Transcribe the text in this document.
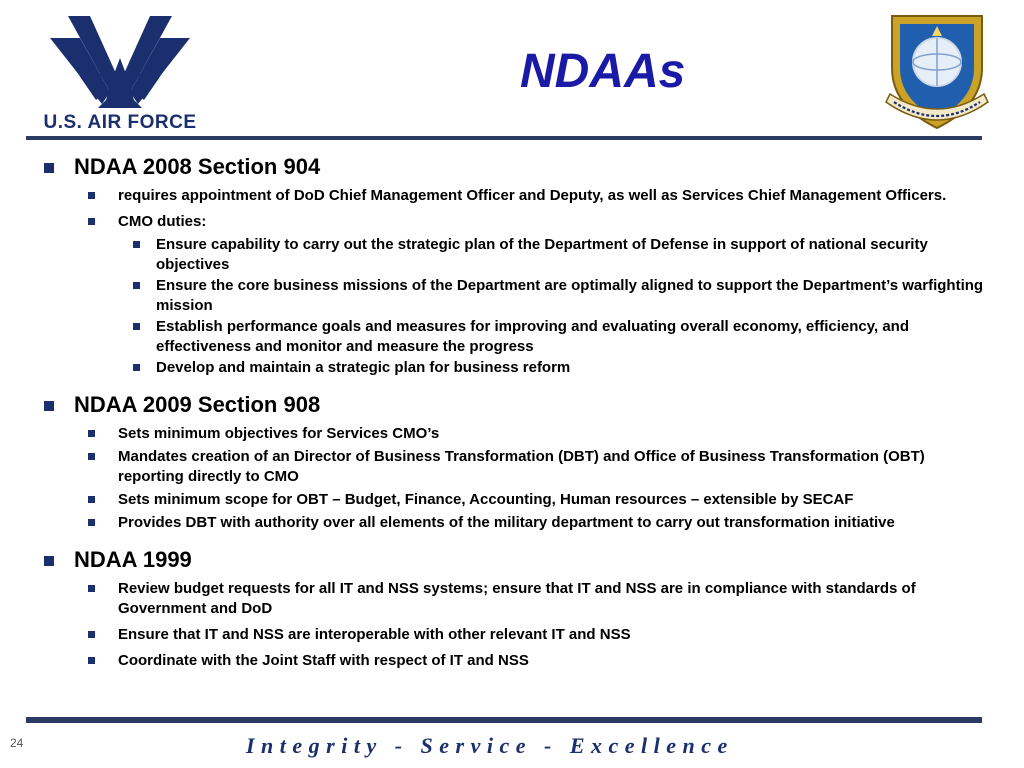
U.S. AIR FORCE
NDAAs
NDAA 2008 Section 904
requires appointment of DoD Chief Management Officer and Deputy, as well as Services Chief Management Officers.
CMO duties:
Ensure capability to carry out the strategic plan of the Department of Defense in support of national security objectives
Ensure the core business missions of the Department are optimally aligned to support the Department’s warfighting mission
Establish performance goals and measures for improving and evaluating overall economy, efficiency, and effectiveness and monitor and measure the progress
Develop and maintain a strategic plan for business reform
NDAA 2009 Section 908
Sets minimum objectives for Services CMO’s
Mandates creation of an Director of Business Transformation (DBT) and Office of Business Transformation (OBT) reporting directly to CMO
Sets minimum scope for OBT – Budget, Finance, Accounting, Human resources – extensible by SECAF
Provides DBT with authority over all elements of the military department to carry out transformation initiative
NDAA 1999
Review budget requests for all IT and NSS systems; ensure that IT and NSS are in compliance with standards of Government and DoD
Ensure that IT and NSS are interoperable with other relevant IT and NSS
Coordinate with the Joint Staff with respect of IT and NSS
24	Integrity - Service - Excellence
